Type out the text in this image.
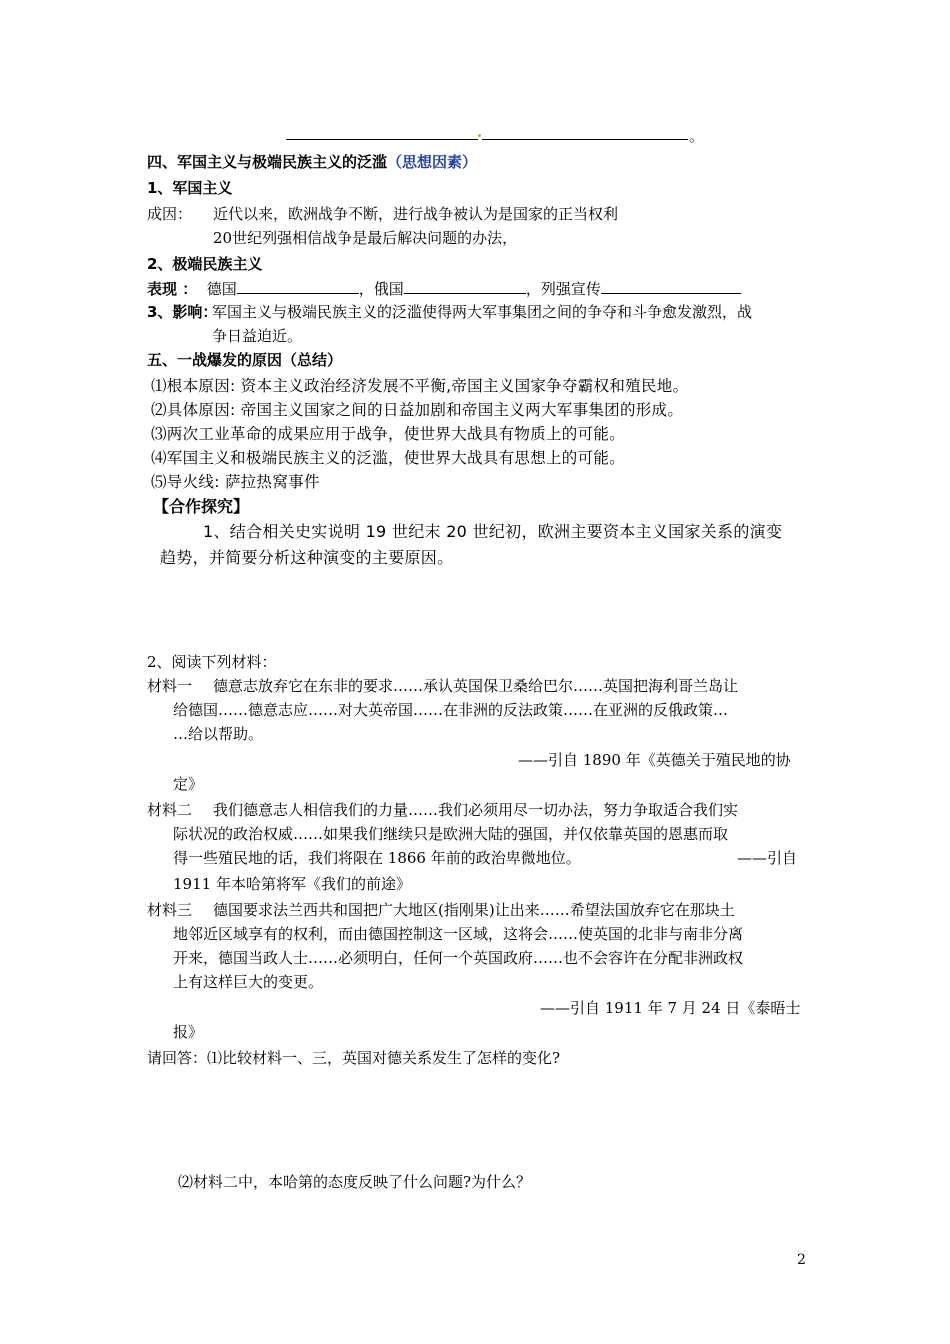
。
四、军国主义与极端民族主义的泛滥（思想因素）
1、军国主义
成因： 近代以来，欧洲战争不断，进行战争被认为是国家的正当权利
20世纪列强相信战争是最后解决问题的办法，
2、极端民族主义
表现 ： 德国	，俄国	，列强宣传
3、影响：
军国主义与极端民族主义的泛滥使得两大军事集团之间的争夺和斗争愈发激烈，战
争日益迫近。
五、一战爆发的原因（总结）
⑴根本原因: 资本主义政治经济发展不平衡,帝国主义国家争夺霸权和殖民地。
⑵具体原因: 帝国主义国家之间的日益加剧和帝国主义两大军事集团的形成。
⑶两次工业革命的成果应用于战争，使世界大战具有物质上的可能。
⑷军国主义和极端民族主义的泛滥，使世界大战具有思想上的可能。
⑸导火线: 萨拉热窝事件
【合作探究】
1、结合相关史实说明 19 世纪末 20 世纪初，欧洲主要资本主义国家关系的演变
趋势，并简要分析这种演变的主要原因。
2、阅读下列材料：
材料一 德意志放弃它在东非的要求……承认英国保卫桑给巴尔……英国把海利哥兰岛让
给德国……德意志应……对大英帝国……在非洲的反法政策……在亚洲的反俄政策…
…给以帮助。
——引自 1890 年《英德关于殖民地的协
定》
材料二 我们德意志人相信我们的力量……我们必须用尽一切办法，努力争取适合我们实
际状况的政治权威……如果我们继续只是欧洲大陆的强国，并仅依靠英国的恩惠而取
得一些殖民地的话，我们将限在 1866 年前的政治卑微地位。	——引自
1911 年本哈第将军《我们的前途》
材料三 德国要求法兰西共和国把广大地区(指刚果)让出来……希望法国放弃它在那块土
地邻近区域享有的权利，而由德国控制这一区域，这将会……使英国的北非与南非分离
开来，德国当政人士……必须明白，任何一个英国政府……也不会容许在分配非洲政权
上有这样巨大的变更。
——引自 1911 年 7 月 24 日《泰晤士
报》
请回答：⑴比较材料一、三，英国对德关系发生了怎样的变化?
⑵材料二中，本哈第的态度反映了什么问题?为什么？
2
